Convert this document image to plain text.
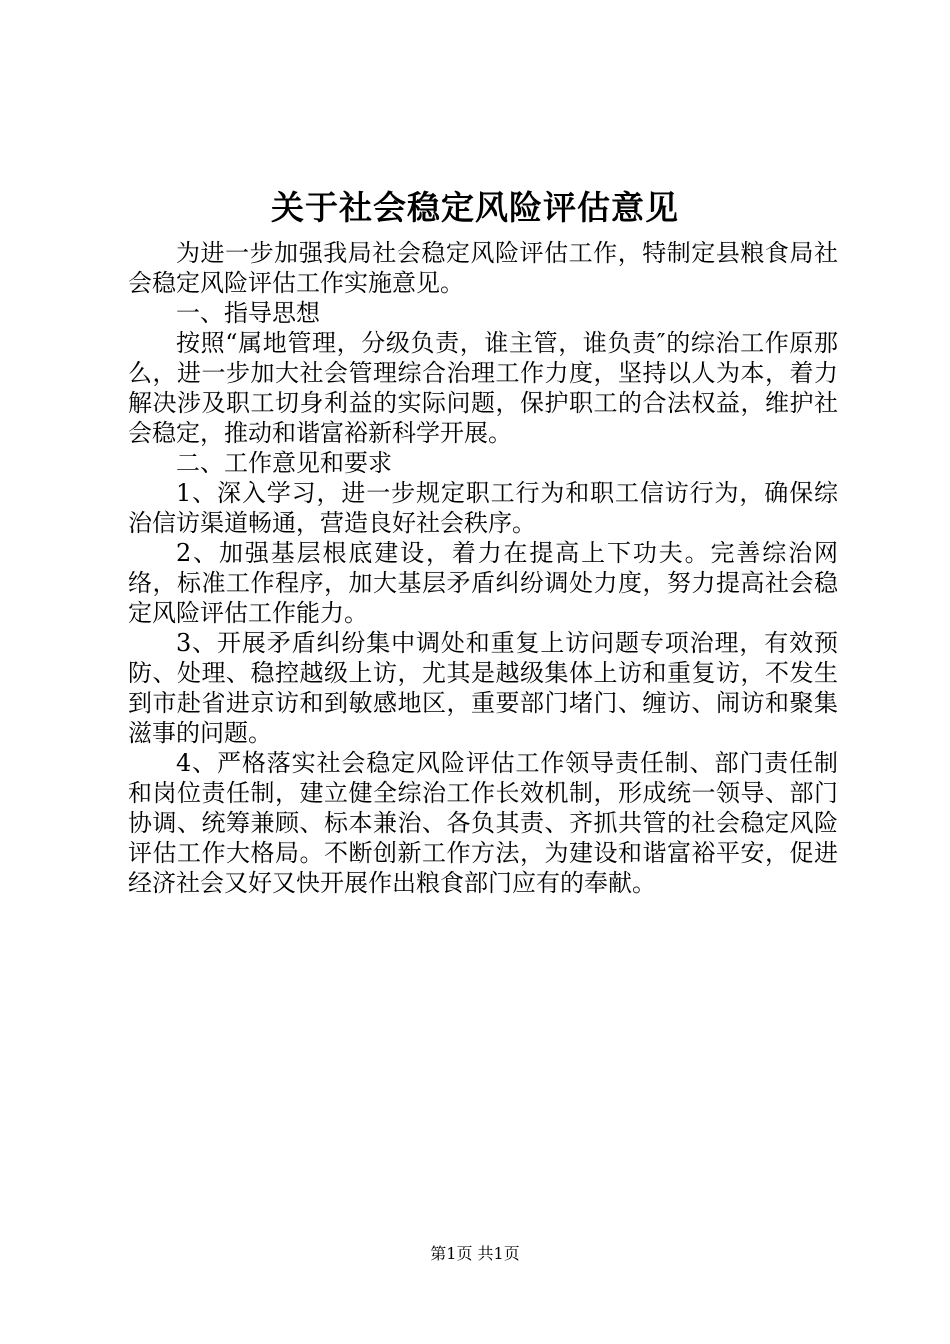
关于社会稳定风险评估意见

为进一步加强我局社会稳定风险评估工作，特制定县粮食局社会稳定风险评估工作实施意见。

一、指导思想

按照“属地管理，分级负责，谁主管，谁负责″的综治工作原那么，进一步加大社会管理综合治理工作力度，坚持以人为本，着力解决涉及职工切身利益的实际问题，保护职工的合法权益，维护社会稳定，推动和谐富裕新科学开展。

二、工作意见和要求

1、深入学习，进一步规定职工行为和职工信访行为，确保综治信访渠道畅通，营造良好社会秩序。

2、加强基层根底建设，着力在提高上下功夫。完善综治网络，标准工作程序，加大基层矛盾纠纷调处力度，努力提高社会稳定风险评估工作能力。

3、开展矛盾纠纷集中调处和重复上访问题专项治理，有效预防、处理、稳控越级上访，尤其是越级集体上访和重复访，不发生到市赴省进京访和到敏感地区，重要部门堵门、缠访、闹访和聚集滋事的问题。

4、严格落实社会稳定风险评估工作领导责任制、部门责任制和岗位责任制，建立健全综治工作长效机制，形成统一领导、部门协调、统筹兼顾、标本兼治、各负其责、齐抓共管的社会稳定风险评估工作大格局。不断创新工作方法，为建设和谐富裕平安，促进经济社会又好又快开展作出粮食部门应有的奉献。

第1页 共1页
